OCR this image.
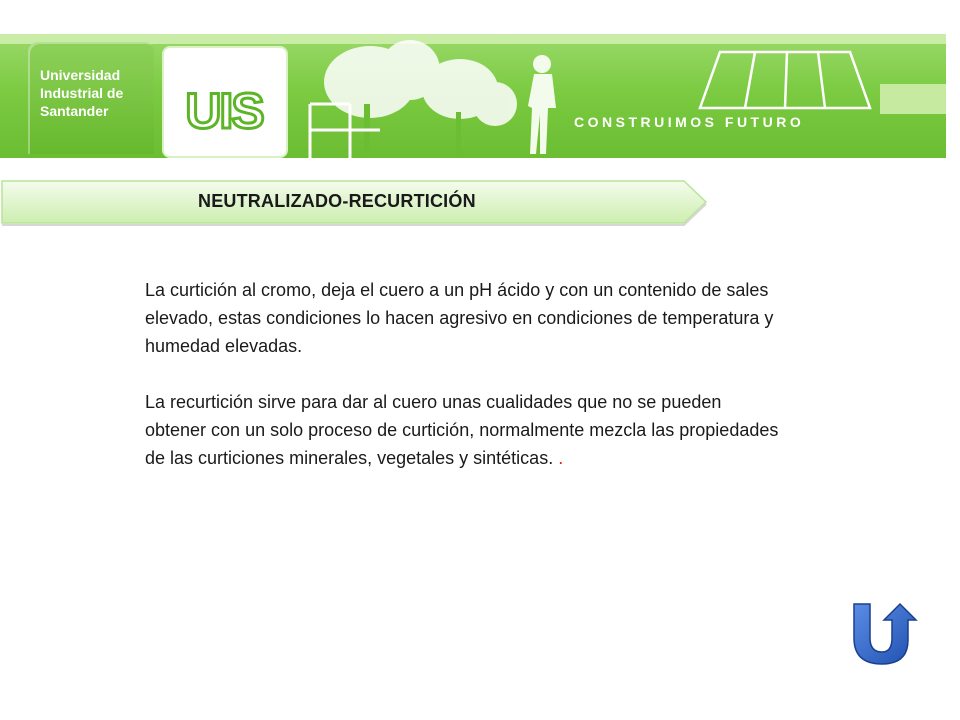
Universidad
Industrial de
Santander	UIS	CONSTRUIMOS FUTURO
NEUTRALIZADO-RECURTICIÓN

La curtición al cromo, deja el cuero a un pH ácido y con un contenido de sales elevado, estas condiciones lo hacen agresivo en condiciones de temperatura y humedad elevadas.

La recurtición sirve para dar al cuero unas cualidades que no se pueden obtener con un solo proceso de curtición, normalmente mezcla las propiedades de las curticiones minerales, vegetales y sintéticas. .
